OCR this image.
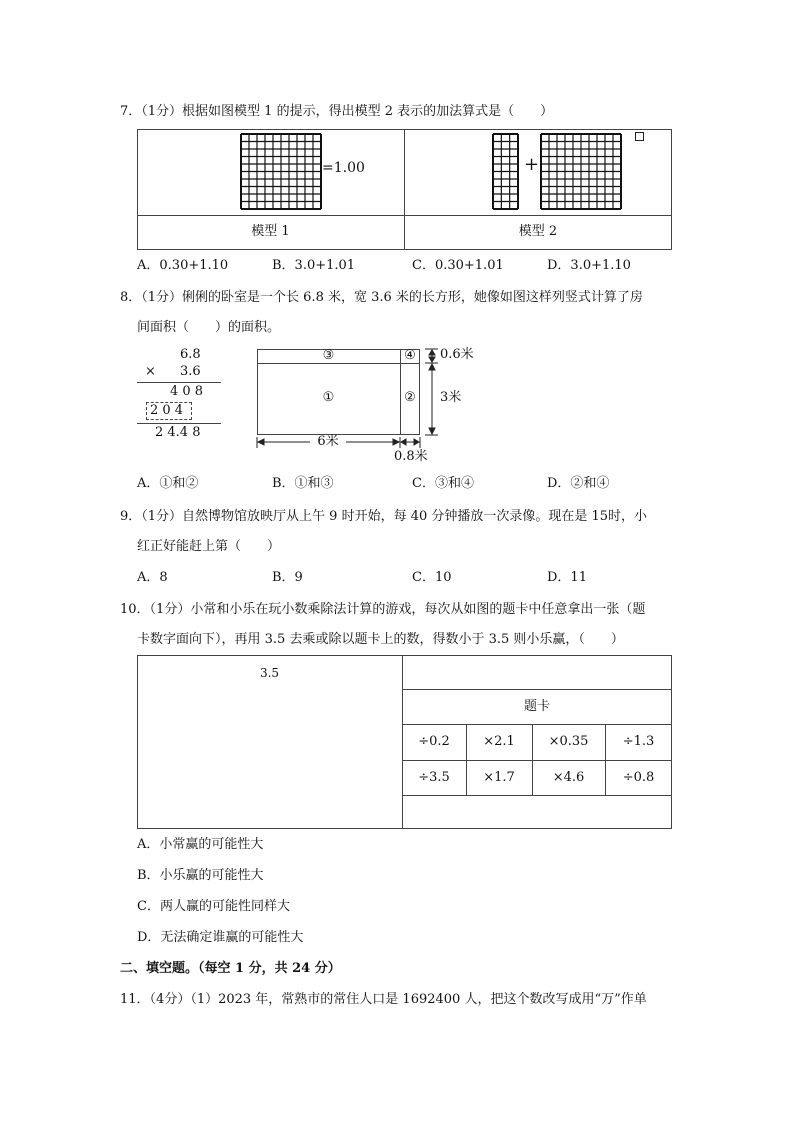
7．（1分）根据如图模型 1 的提示，得出模型 2 表示的加法算式是（　　）
=1.00	+
模型 1	模型 2
A．0.30+1.10	B．3.0+1.01	C．0.30+1.01	D．3.0+1.10
8．（1分）俐俐的卧室是一个长 6.8 米，宽 3.6 米的长方形，她像如图这样列竖式计算了房
间面积（　　）的面积。
6.8
× 3.6
4 0 8
2 0 4
2 4.4 8
③	④
①	②
0.6米
3米
6米
0.8米
A．①和②	B．①和③	C．③和④	D．②和④
9．（1分）自然博物馆放映厅从上午 9 时开始，每 40 分钟播放一次录像。现在是 15时，小
红正好能赶上第（　　）
A．8	B．9	C．10	D．11
10．（1分）小常和小乐在玩小数乘除法计算的游戏，每次从如图的题卡中任意拿出一张（题
卡数字面向下），再用 3.5 去乘或除以题卡上的数，得数小于 3.5 则小乐赢，（　　）
3.5
题卡
÷0.2	×2.1	×0.35	÷1.3
÷3.5	×1.7	×4.6	÷0.8
A．小常赢的可能性大
B．小乐赢的可能性大
C．两人赢的可能性同样大
D．无法确定谁赢的可能性大
二、填空题。（每空 1 分，共 24 分）
11．（4分）（1）2023 年，常熟市的常住人口是 1692400 人，把这个数改写成用“万”作单
